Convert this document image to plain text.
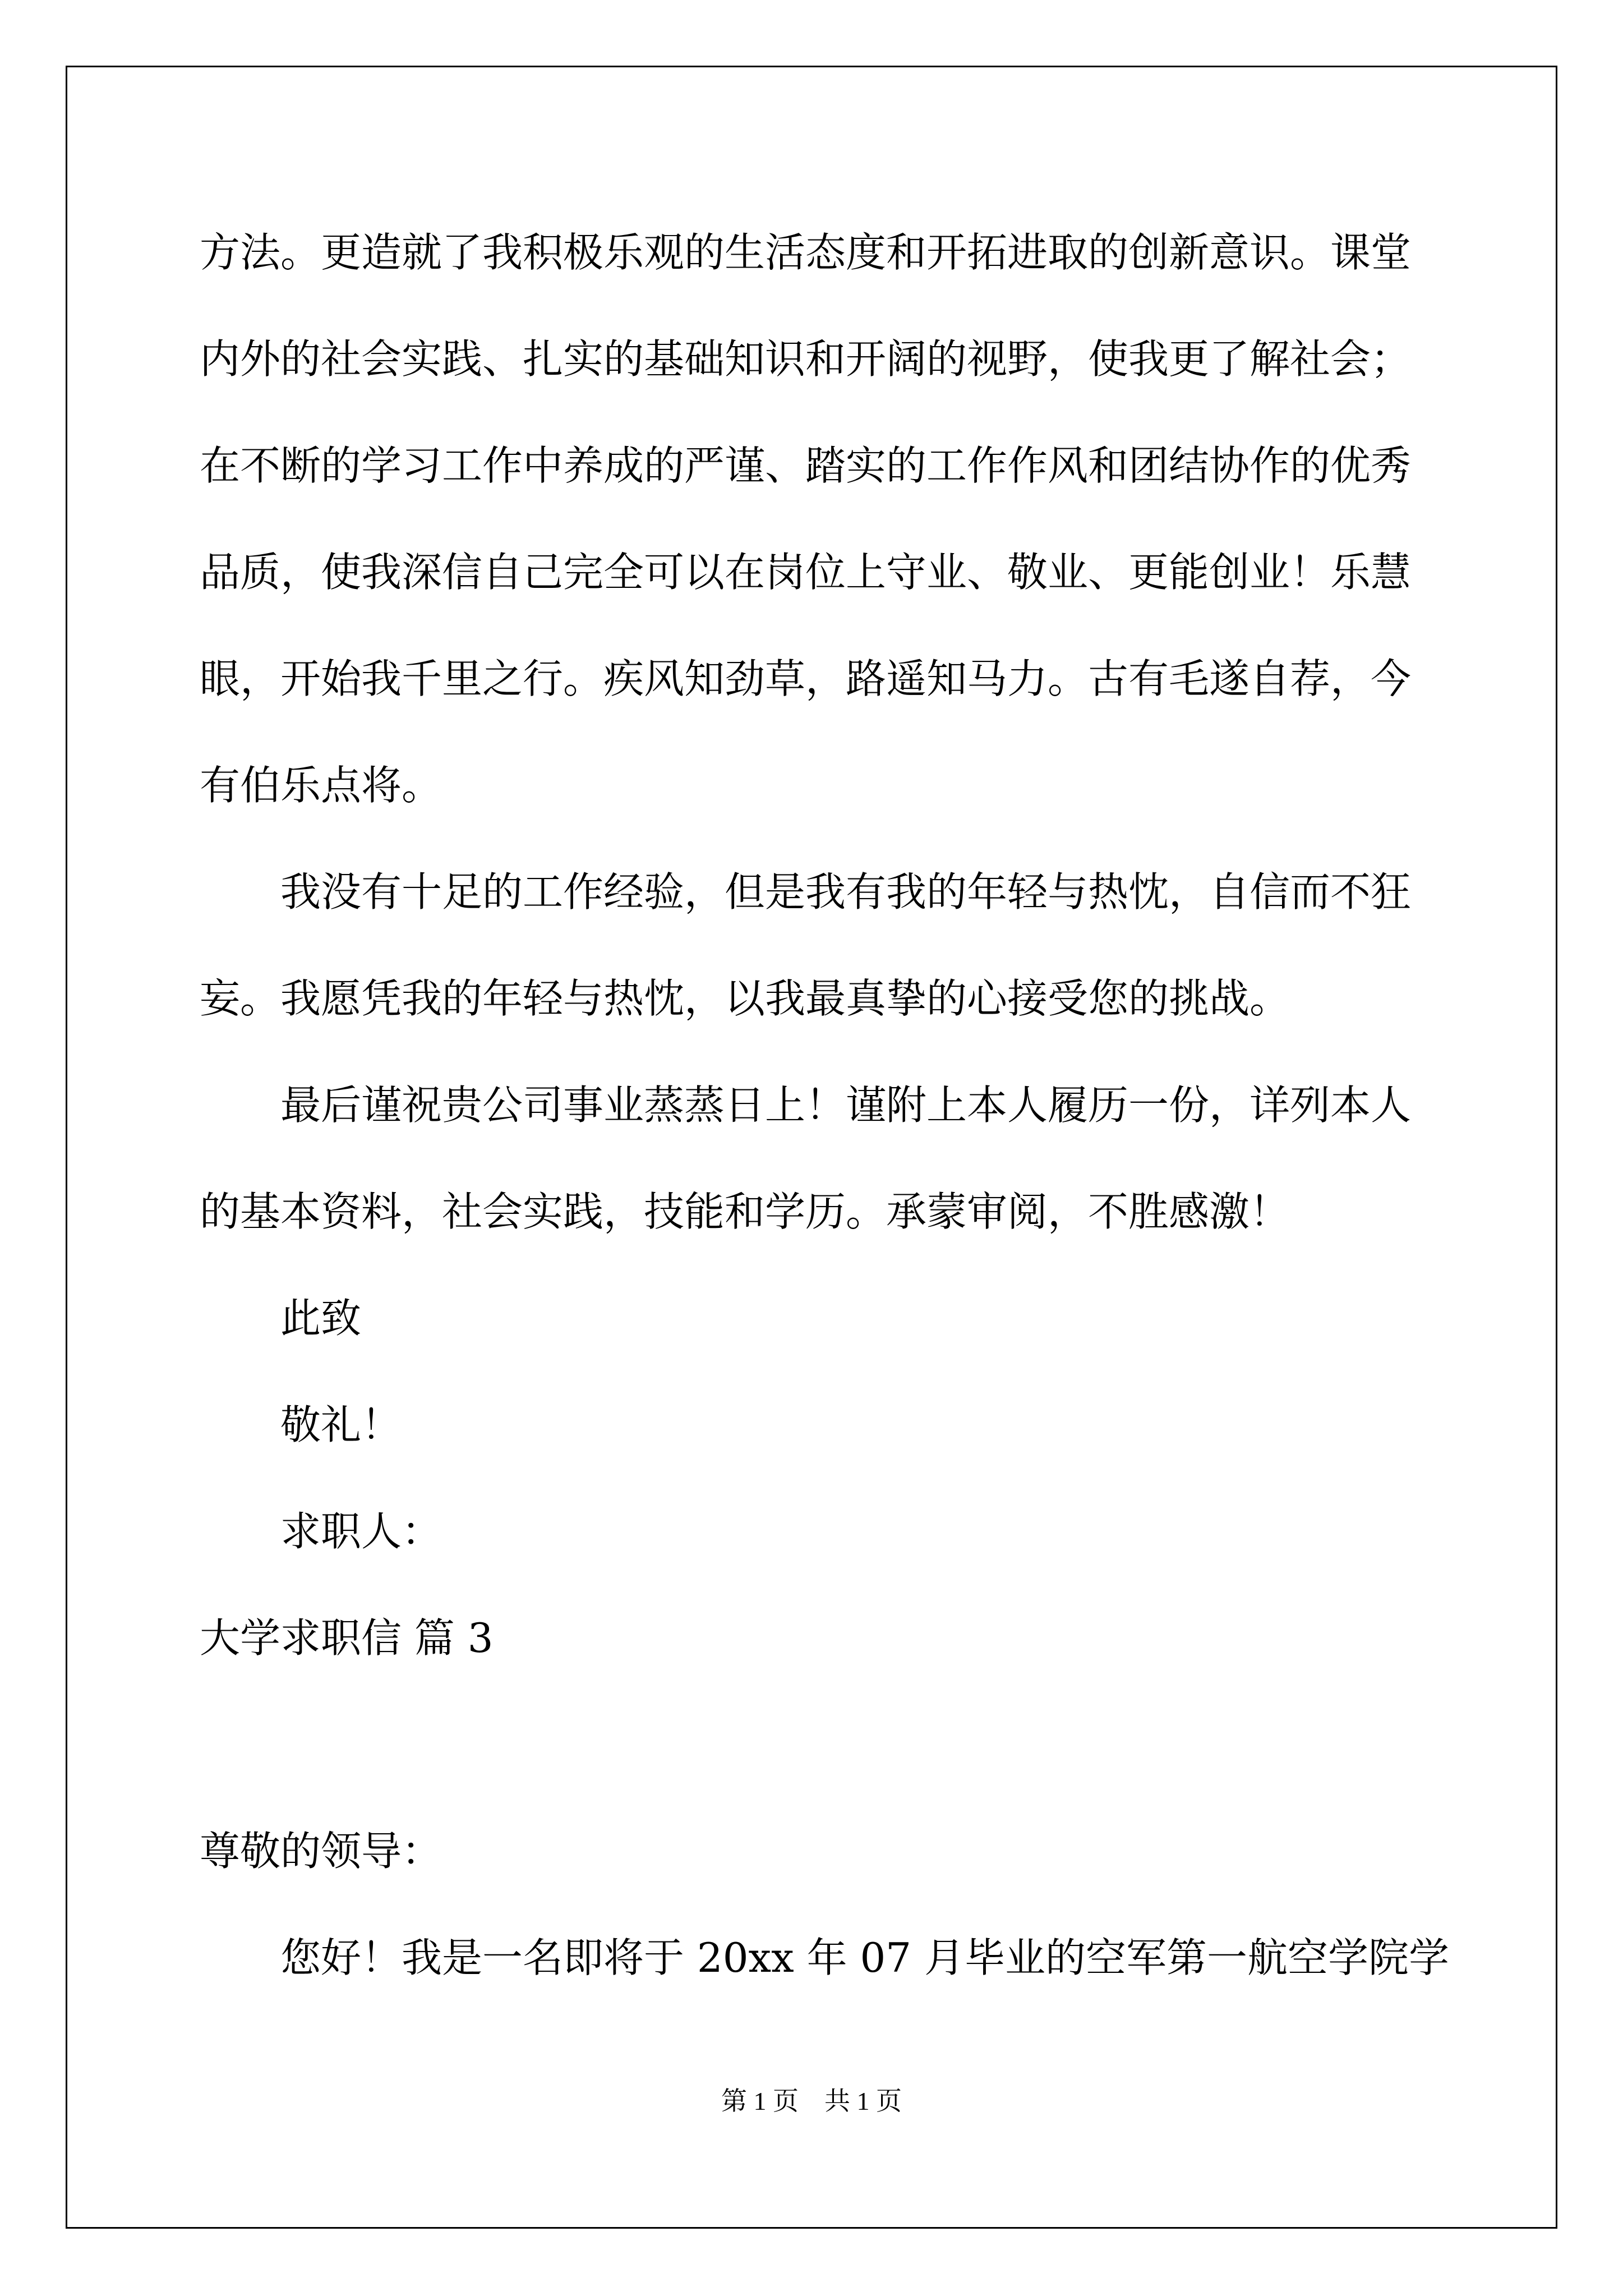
方法。更造就了我积极乐观的生活态度和开拓进取的创新意识。课堂
内外的社会实践、扎实的基础知识和开阔的视野，使我更了解社会；
在不断的学习工作中养成的严谨、踏实的工作作风和团结协作的优秀
品质，使我深信自己完全可以在岗位上守业、敬业、更能创业！乐慧
眼，开始我千里之行。疾风知劲草，路遥知马力。古有毛遂自荐，今
有伯乐点将。
我没有十足的工作经验，但是我有我的年轻与热忱，自信而不狂
妄。我愿凭我的年轻与热忱，以我最真挚的心接受您的挑战。
最后谨祝贵公司事业蒸蒸日上！谨附上本人履历一份，详列本人
的基本资料，社会实践，技能和学历。承蒙审阅，不胜感激！
此致
敬礼！
求职人：
大学求职信 篇 3
尊敬的领导：
您好！我是一名即将于 20xx 年 07 月毕业的空军第一航空学院学
第 1 页　共 1 页
